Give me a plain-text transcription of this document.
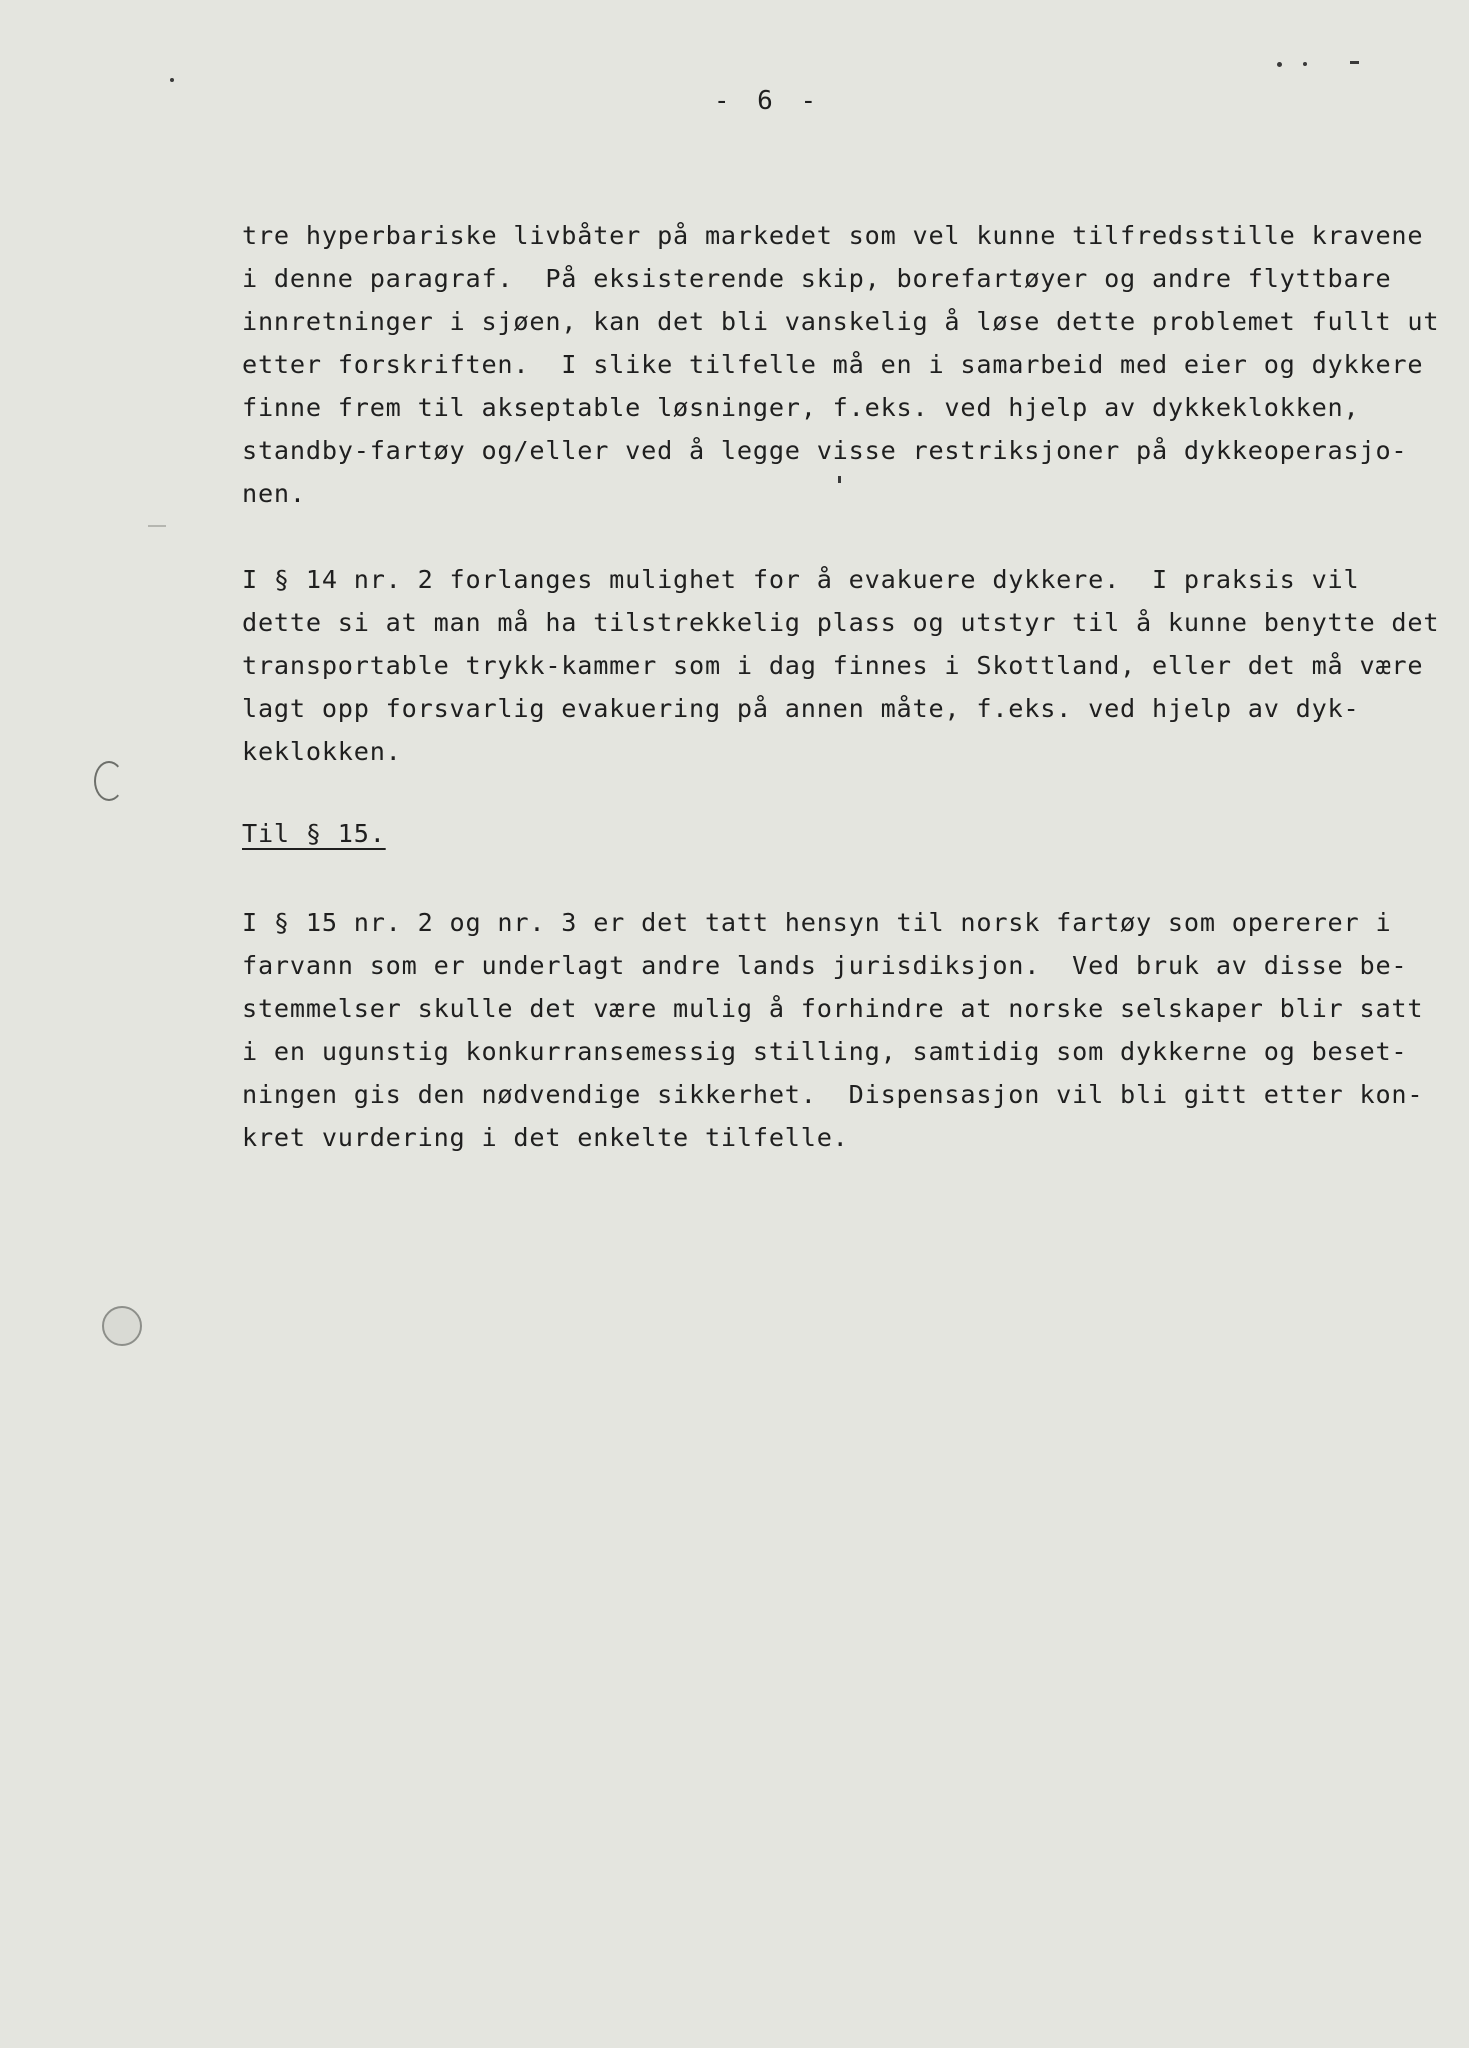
- 6 -
tre hyperbariske livbåter på markedet som vel kunne tilfredsstille kravene
i denne paragraf.  På eksisterende skip, borefartøyer og andre flyttbare
innretninger i sjøen, kan det bli vanskelig å løse dette problemet fullt ut
etter forskriften.  I slike tilfelle må en i samarbeid med eier og dykkere
finne frem til akseptable løsninger, f.eks. ved hjelp av dykkeklokken,
standby-fartøy og/eller ved å legge visse restriksjoner på dykkeoperasjo-
nen.
I § 14 nr. 2 forlanges mulighet for å evakuere dykkere.  I praksis vil
dette si at man må ha tilstrekkelig plass og utstyr til å kunne benytte det
transportable trykk-kammer som i dag finnes i Skottland, eller det må være
lagt opp forsvarlig evakuering på annen måte, f.eks. ved hjelp av dyk-
keklokken.
Til § 15.
I § 15 nr. 2 og nr. 3 er det tatt hensyn til norsk fartøy som opererer i
farvann som er underlagt andre lands jurisdiksjon.  Ved bruk av disse be-
stemmelser skulle det være mulig å forhindre at norske selskaper blir satt
i en ugunstig konkurransemessig stilling, samtidig som dykkerne og beset-
ningen gis den nødvendige sikkerhet.  Dispensasjon vil bli gitt etter kon-
kret vurdering i det enkelte tilfelle.
